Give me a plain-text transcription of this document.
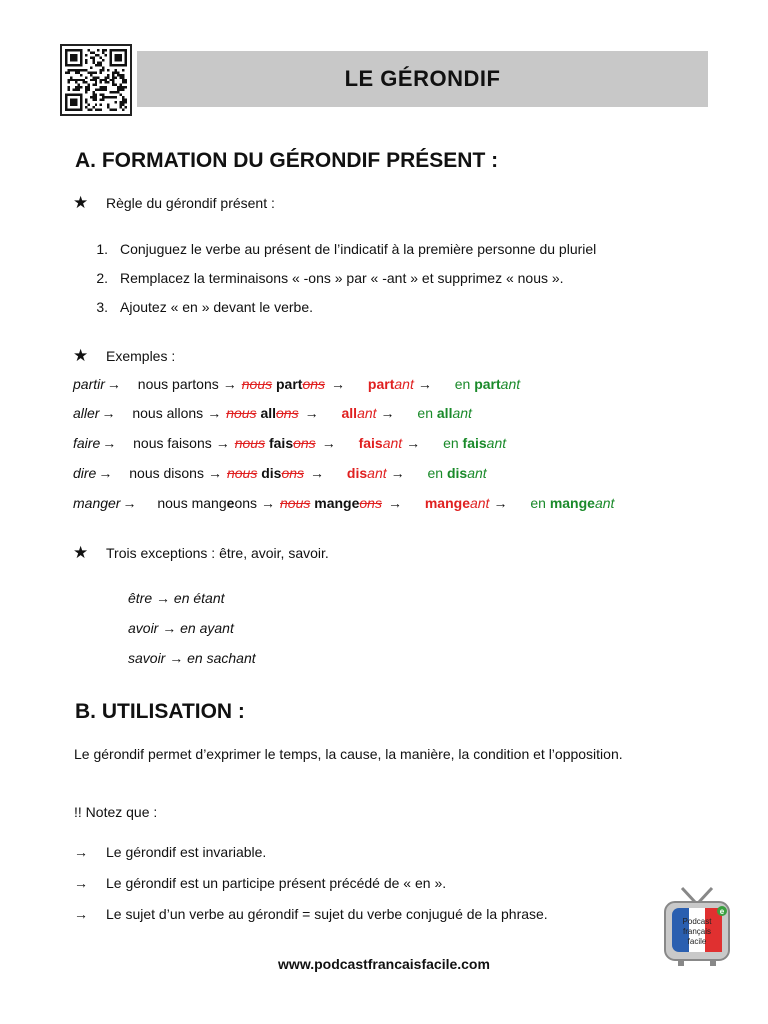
LE GÉRONDIF
A. FORMATION DU GÉRONDIF PRÉSENT :
★ Règle du gérondif présent :
1. Conjuguez le verbe au présent de l’indicatif à la première personne du pluriel
2. Remplacez la terminaisons « -ons » par « -ant » et supprimez « nous ».
3. Ajoutez « en » devant le verbe.
★ Exemples :
partir → nous partons → nous partons → partant → en partant
aller → nous allons → nous allons → allant → en allant
faire → nous faisons → nous faisons → faisant → en faisant
dire → nous disons → nous disons → disant → en disant
manger → nous mangeons → nous mangeons → mangeant → en mangeant
★ Trois exceptions : être, avoir, savoir.
être → en étant
avoir → en ayant
savoir → en sachant
B. UTILISATION :
Le gérondif permet d’exprimer le temps, la cause, la manière, la condition et l’opposition.
!! Notez que :
→ Le gérondif est invariable.
→ Le gérondif est un participe présent précédé de « en ».
→ Le sujet d’un verbe au gérondif = sujet du verbe conjugué de la phrase.	e
Podcast
français
facile
www.podcastfrancaisfacile.com
